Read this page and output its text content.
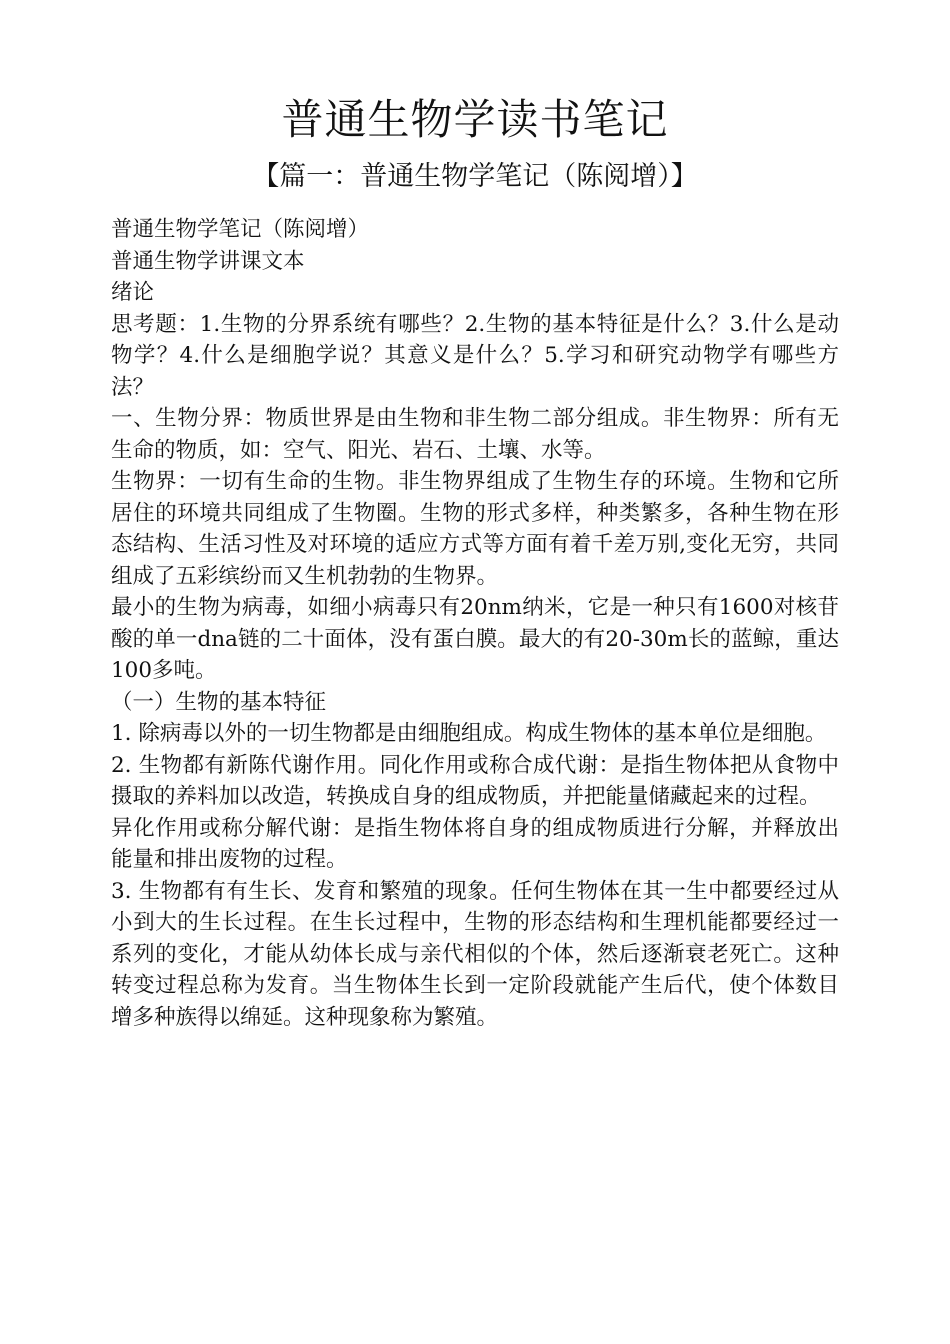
普通生物学读书笔记
【篇一：普通生物学笔记（陈阅增）】

普通生物学笔记（陈阅增）

普通生物学讲课文本

绪论

思考题：1.生物的分界系统有哪些？2.生物的基本特征是什么？3.什么是动物学？4.什么是细胞学说？其意义是什么？5.学习和研究动物学有哪些方法？

一、生物分界：物质世界是由生物和非生物二部分组成。非生物界：所有无生命的物质，如：空气、阳光、岩石、土壤、水等。

生物界：一切有生命的生物。非生物界组成了生物生存的环境。生物和它所居住的环境共同组成了生物圈。生物的形式多样，种类繁多，各种生物在形态结构、生活习性及对环境的适应方式等方面有着千差万别,变化无穷，共同组成了五彩缤纷而又生机勃勃的生物界。

最小的生物为病毒，如细小病毒只有20nm纳米，它是一种只有1600对核苷酸的单一dna链的二十面体，没有蛋白膜。最大的有20-30m长的蓝鲸，重达100多吨。

（一）生物的基本特征

1. 除病毒以外的一切生物都是由细胞组成。构成生物体的基本单位是细胞。

2. 生物都有新陈代谢作用。同化作用或称合成代谢：是指生物体把从食物中摄取的养料加以改造，转换成自身的组成物质，并把能量储藏起来的过程。

异化作用或称分解代谢：是指生物体将自身的组成物质进行分解，并释放出能量和排出废物的过程。

3. 生物都有有生长、发育和繁殖的现象。任何生物体在其一生中都要经过从小到大的生长过程。在生长过程中，生物的形态结构和生理机能都要经过一系列的变化，才能从幼体长成与亲代相似的个体，然后逐渐衰老死亡。这种转变过程总称为发育。当生物体生长到一定阶段就能产生后代，使个体数目增多种族得以绵延。这种现象称为繁殖。
